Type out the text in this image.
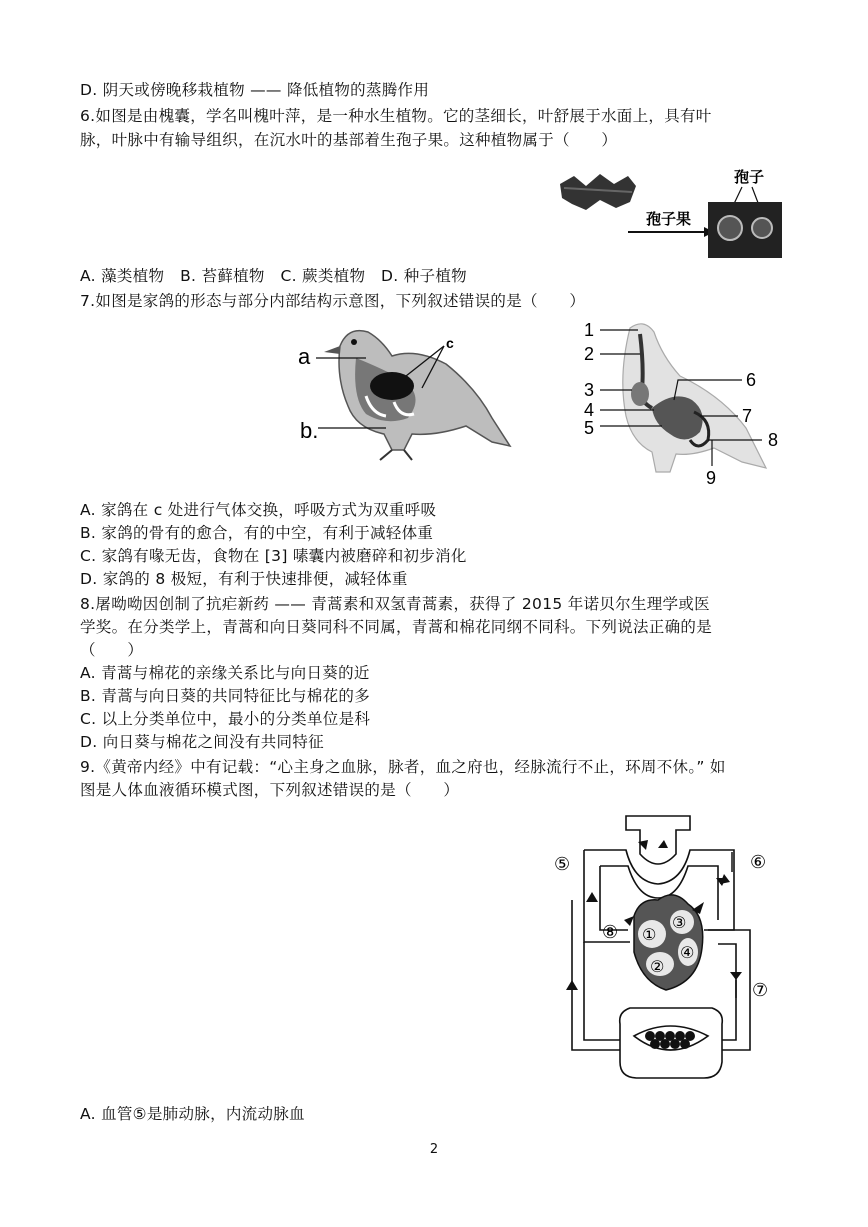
D. 阴天或傍晚移栽植物 —— 降低植物的蒸腾作用
6.如图是由槐囊，学名叫槐叶萍，是一种水生植物。它的茎细长，叶舒展于水面上，具有叶
脉，叶脉中有输导组织，在沉水叶的基部着生孢子果。这种植物属于（　　）
孢子果
孢子
A. 藻类植物　B. 苔藓植物　C. 蕨类植物　D. 种子植物
7.如图是家鸽的形态与部分内部结构示意图，下列叙述错误的是（　　）
a
b.
c
1
2
3
4
5
6
7
8
9
A. 家鸽在 c 处进行气体交换，呼吸方式为双重呼吸
B. 家鸽的骨有的愈合，有的中空，有利于减轻体重
C. 家鸽有喙无齿，食物在 [3] 嗉囊内被磨碎和初步消化
D. 家鸽的 8 极短，有利于快速排便，减轻体重
8.屠呦呦因创制了抗疟新药 —— 青蒿素和双氢青蒿素，获得了 2015 年诺贝尔生理学或医
学奖。在分类学上，青蒿和向日葵同科不同属，青蒿和棉花同纲不同科。下列说法正确的是
（　　）
A. 青蒿与棉花的亲缘关系比与向日葵的近
B. 青蒿与向日葵的共同特征比与棉花的多
C. 以上分类单位中，最小的分类单位是科
D. 向日葵与棉花之间没有共同特征
9.《黄帝内经》中有记载：“心主身之血脉，脉者，血之府也，经脉流行不止，环周不休。” 如
图是人体血液循环模式图，下列叙述错误的是（　　）
⑤	⑥
⑦
⑧ ①
②
③
④
A. 血管⑤是肺动脉，内流动脉血
2
